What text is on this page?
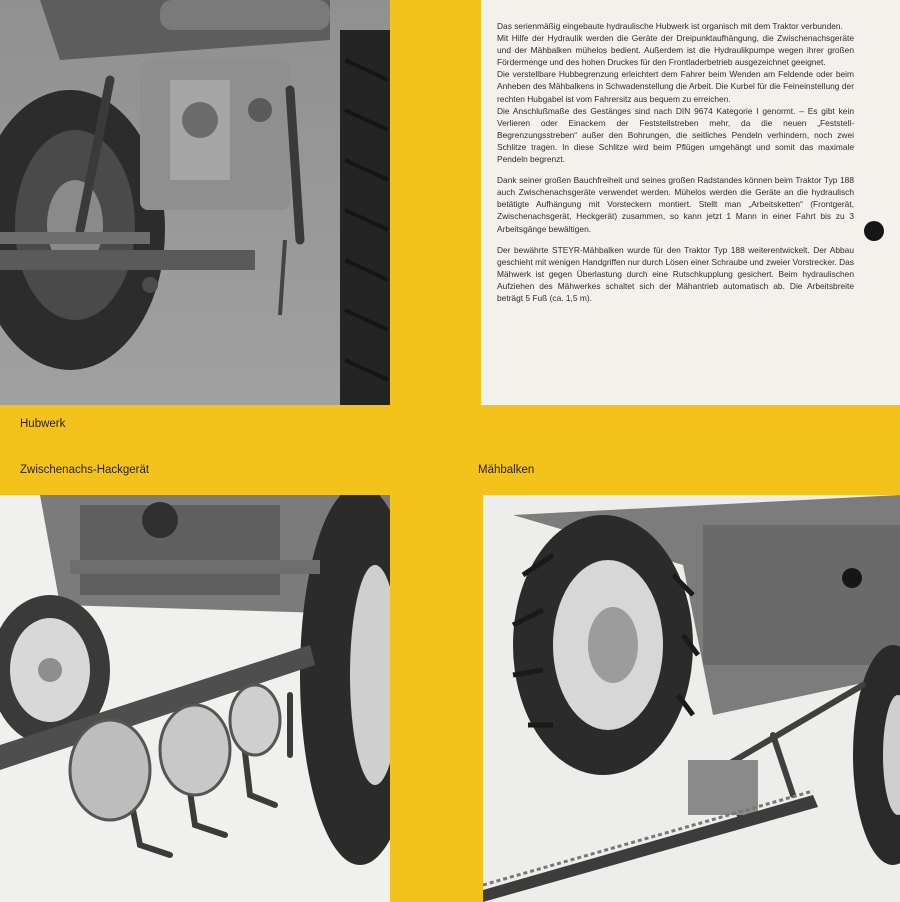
Das serienmäßig eingebaute hydraulische Hubwerk ist organisch mit dem Traktor verbunden.

Mit Hilfe der Hydraulik werden die Geräte der Dreipunktaufhängung, die Zwischenachsgeräte und der Mähbalken mühelos bedient. Außerdem ist die Hydraulikpumpe wegen ihrer großen Fördermenge und des hohen Druckes für den Frontladerbetrieb ausgezeichnet geeignet.

Die verstellbare Hubbegrenzung erleichtert dem Fahrer beim Wenden am Feldende oder beim Anheben des Mähbalkens in Schwadenstellung die Arbeit. Die Kurbel für die Feineinstellung der rechten Hubgabel ist vom Fahrersitz aus bequem zu erreichen.

Die Anschlußmaße des Gestänges sind nach DIN 9674 Kategorie I genormt. – Es gibt kein Verlieren oder Einackern der Feststellstreben mehr, da die neuen „Feststell-Begrenzungsstreben“ außer den Bohrungen, die seitliches Pendeln verhindern, noch zwei Schlitze tragen. In diese Schlitze wird beim Pflügen umgehängt und somit das maximale Pendeln begrenzt.

Dank seiner großen Bauchfreiheit und seines großen Radstandes können beim Traktor Typ 188 auch Zwischenachsgeräte verwendet werden. Mühelos werden die Geräte an die hydraulisch betätigte Aufhängung mit Vorsteckern montiert. Stellt man „Arbeitsketten“ (Frontgerät, Zwischenachsgerät, Heckgerät) zusammen, so kann jetzt 1 Mann in einer Fahrt bis zu 3 Arbeitsgänge bewältigen.

Der bewährte STEYR-Mähbalken wurde für den Traktor Typ 188 weiterentwickelt. Der Abbau geschieht mit wenigen Handgriffen nur durch Lösen einer Schraube und zweier Vorstrecker. Das Mähwerk ist gegen Überlastung durch eine Rutschkupplung gesichert. Beim hydraulischen Aufziehen des Mähwerkes schaltet sich der Mähantrieb automatisch ab. Die Arbeitsbreite beträgt 5 Fuß (ca. 1,5 m).

Hubwerk
Zwischenachs-Hackgerät	Mähbalken
